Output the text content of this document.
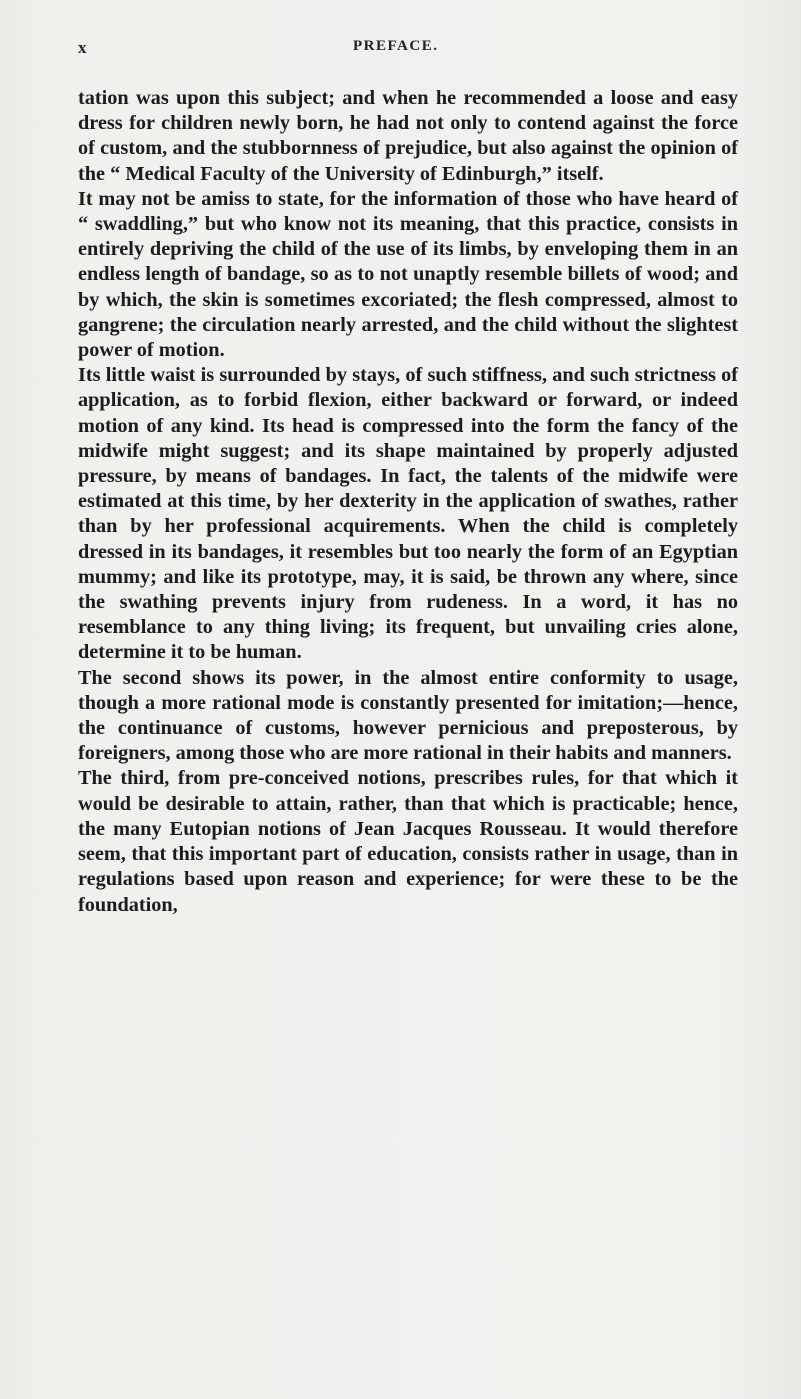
x	PREFACE.

tation was upon this subject; and when he recommended a loose and easy dress for children newly born, he had not only to contend against the force of custom, and the stubbornness of prejudice, but also against the opinion of the “ Medical Faculty of the University of Edinburgh,” itself.

It may not be amiss to state, for the information of those who have heard of “ swaddling,” but who know not its meaning, that this practice, consists in entirely depriving the child of the use of its limbs, by enveloping them in an endless length of bandage, so as to not unaptly resemble billets of wood; and by which, the skin is sometimes excoriated; the flesh compressed, almost to gangrene; the circulation nearly arrested, and the child without the slightest power of motion.

Its little waist is surrounded by stays, of such stiffness, and such strictness of application, as to forbid flexion, either backward or forward, or indeed motion of any kind. Its head is compressed into the form the fancy of the midwife might suggest; and its shape maintained by properly adjusted pressure, by means of bandages. In fact, the talents of the midwife were estimated at this time, by her dexterity in the application of swathes, rather than by her professional acquirements. When the child is completely dressed in its bandages, it resembles but too nearly the form of an Egyptian mummy; and like its prototype, may, it is said, be thrown any where, since the swathing prevents injury from rudeness. In a word, it has no resemblance to any thing living; its frequent, but unvailing cries alone, determine it to be human.

The second shows its power, in the almost entire conformity to usage, though a more rational mode is constantly presented for imitation;—hence, the continuance of customs, however pernicious and preposterous, by foreigners, among those who are more rational in their habits and manners.

The third, from pre-conceived notions, prescribes rules, for that which it would be desirable to attain, rather, than that which is practicable; hence, the many Eutopian notions of Jean Jacques Rousseau. It would therefore seem, that this important part of education, consists rather in usage, than in regulations based upon reason and experience; for were these to be the foundation,
